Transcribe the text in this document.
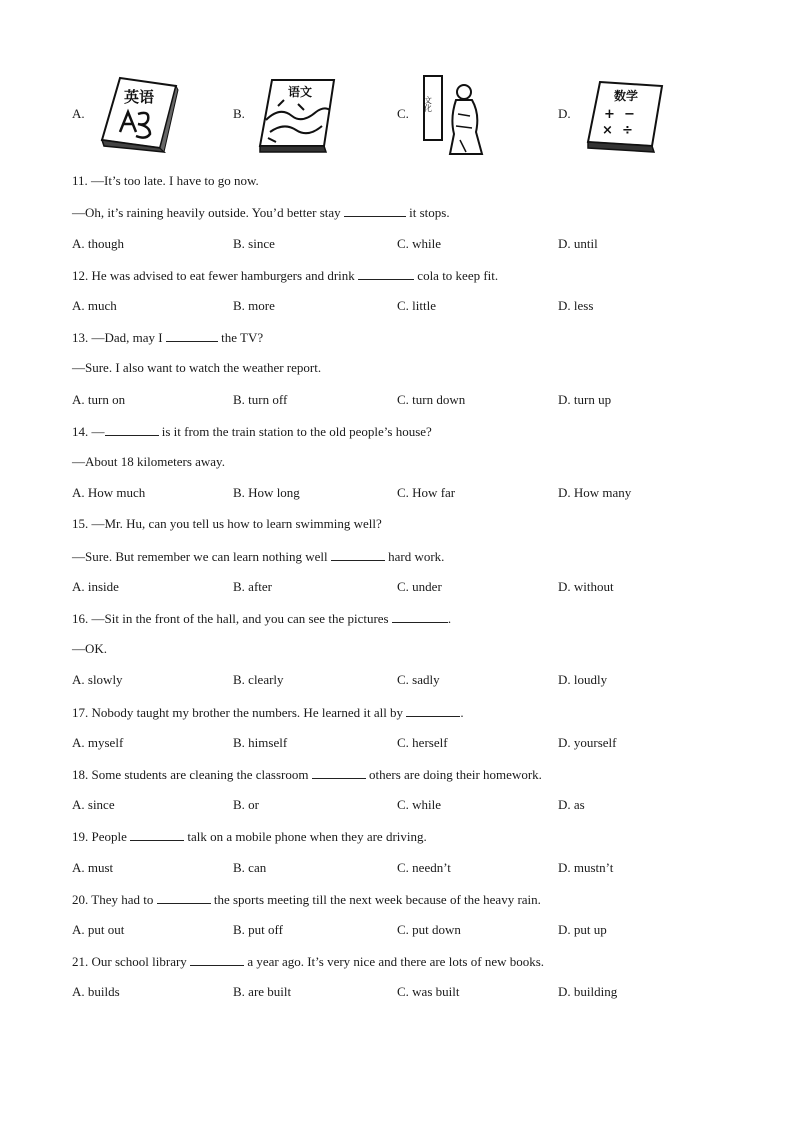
A.
英语
B.
语文
C.
文化
D.
数学
+ −
× ÷
11. —It’s too late. I have to go now.
—Oh, it’s raining heavily outside. You’d better stay	it stops.
A. though	B. since	C. while	D. until
12. He was advised to eat fewer hamburgers and drink	cola to keep fit.
A. much	B. more	C. little	D. less
13. —Dad, may I	the TV?
—Sure. I also want to watch the weather report.
A. turn on	B. turn off	C. turn down	D. turn up
14. —	is it from the train station to the old people’s house?
—About 18 kilometers away.
A. How much	B. How long	C. How far	D. How many
15. —Mr. Hu, can you tell us how to learn swimming well?
—Sure. But remember we can learn nothing well	hard work.
A. inside	B. after	C. under	D. without
16. —Sit in the front of the hall, and you can see the pictures	.
—OK.
A. slowly	B. clearly	C. sadly	D. loudly
17. Nobody taught my brother the numbers. He learned it all by	.
A. myself	B. himself	C. herself	D. yourself
18. Some students are cleaning the classroom	others are doing their homework.
A. since	B. or	C. while	D. as
19. People	talk on a mobile phone when they are driving.
A. must	B. can	C. needn’t	D. mustn’t
20. They had to	the sports meeting till the next week because of the heavy rain.
A. put out	B. put off	C. put down	D. put up
21. Our school library	a year ago. It’s very nice and there are lots of new books.
A. builds	B. are built	C. was built	D. building
